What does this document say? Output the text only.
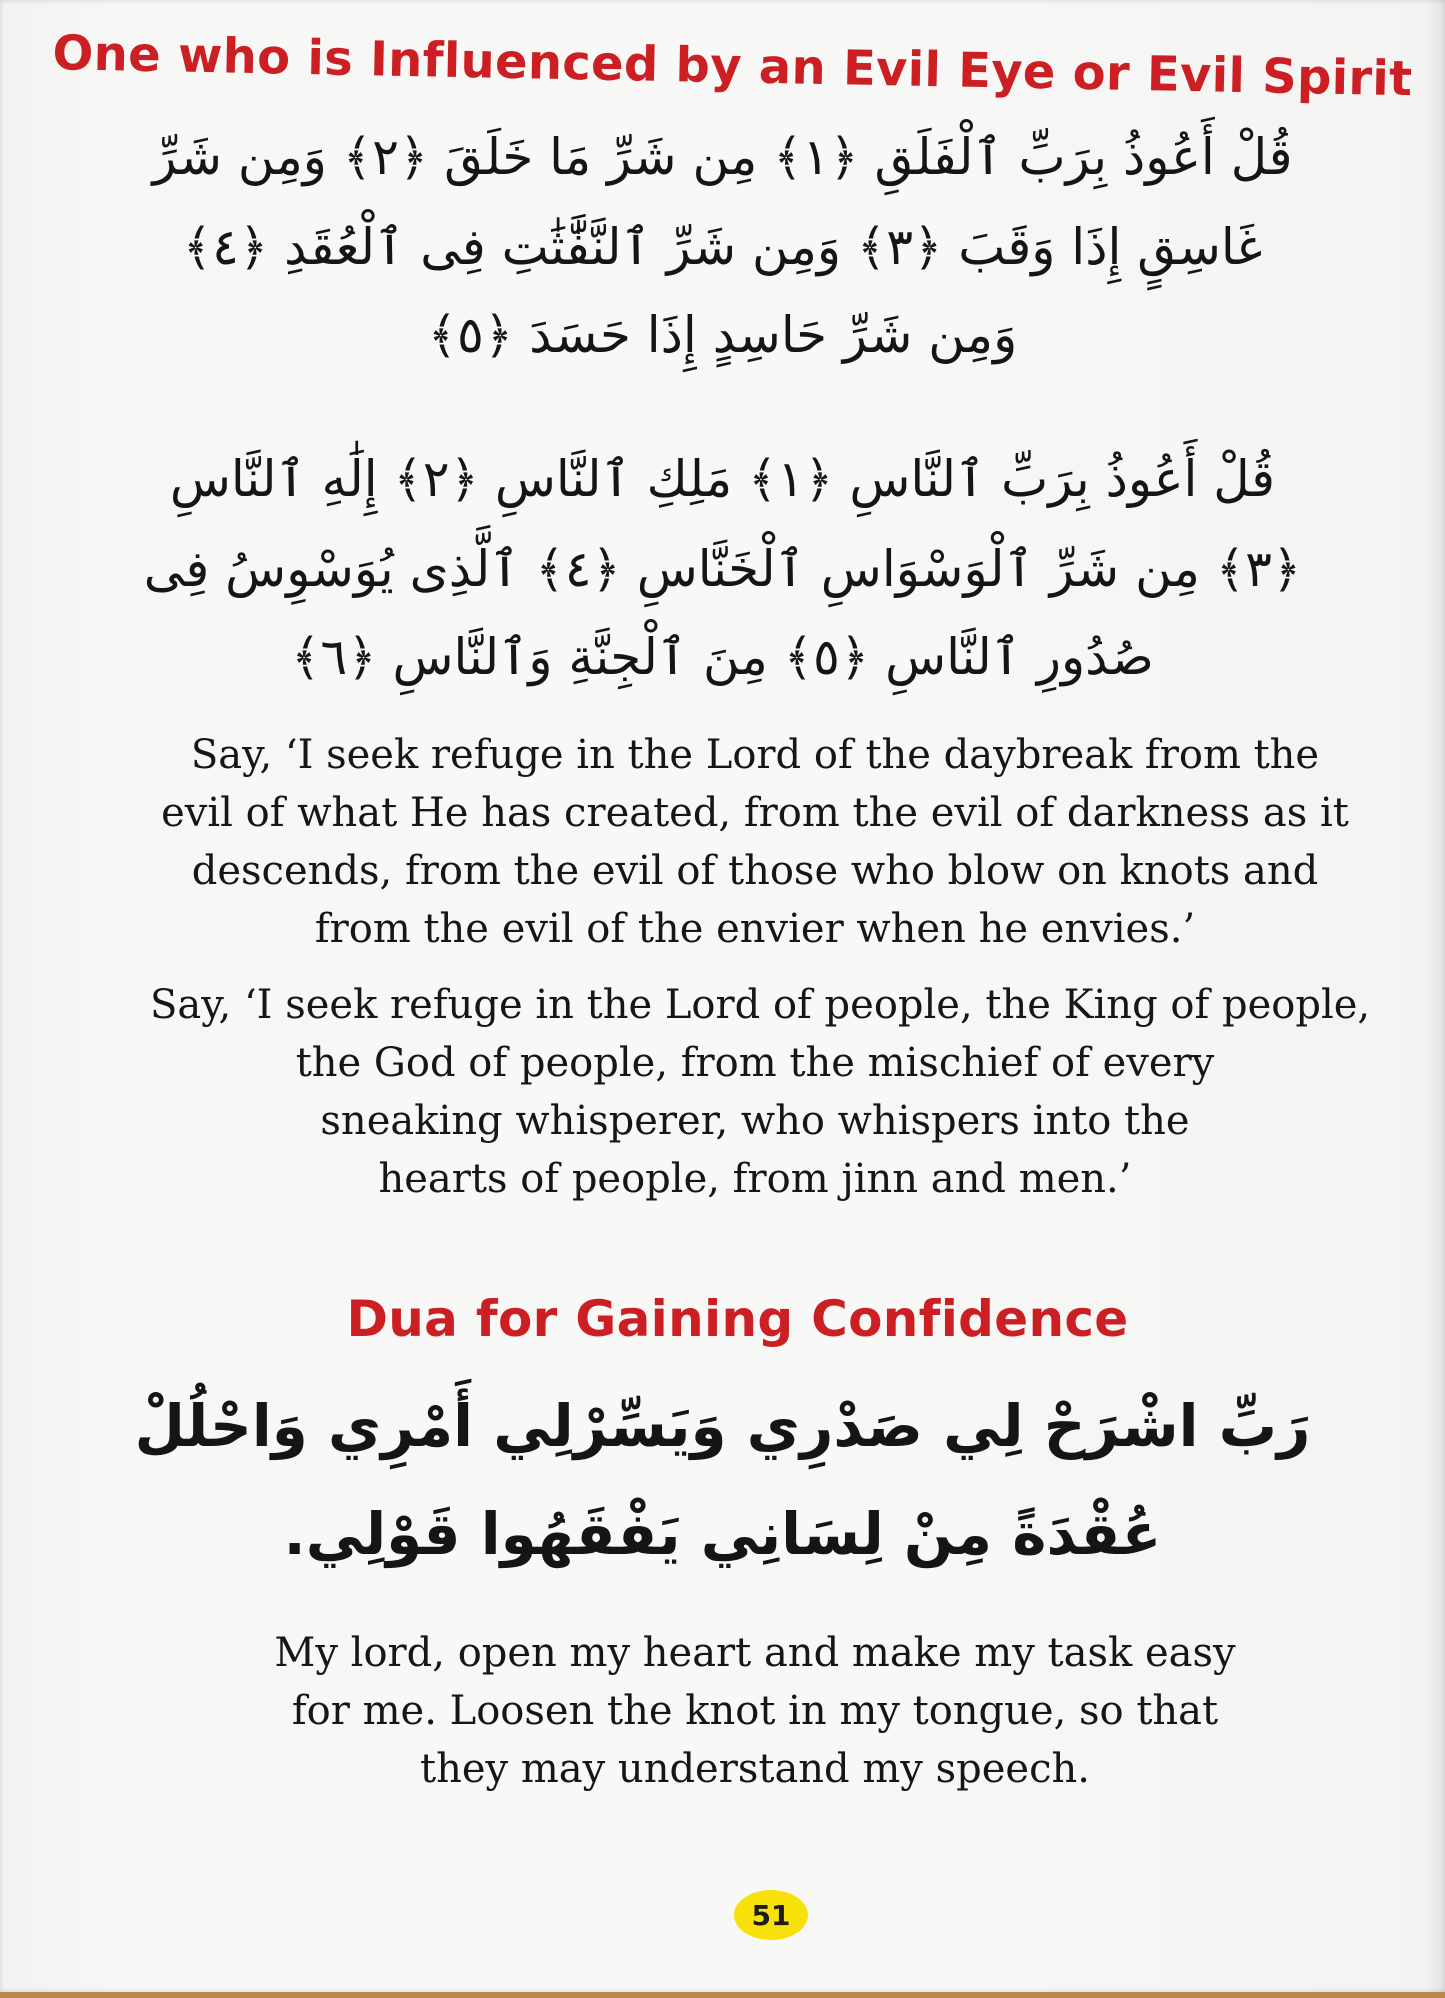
One who is Influenced by an Evil Eye or Evil Spirit
قُلْ أَعُوذُ بِرَبِّ ٱلْفَلَقِ ﴿١﴾ مِن شَرِّ مَا خَلَقَ ﴿٢﴾ وَمِن شَرِّ
غَاسِقٍ إِذَا وَقَبَ ﴿٣﴾ وَمِن شَرِّ ٱلنَّفَّٰثَٰتِ فِى ٱلْعُقَدِ ﴿٤﴾
وَمِن شَرِّ حَاسِدٍ إِذَا حَسَدَ ﴿٥﴾
قُلْ أَعُوذُ بِرَبِّ ٱلنَّاسِ ﴿١﴾ مَلِكِ ٱلنَّاسِ ﴿٢﴾ إِلَٰهِ ٱلنَّاسِ
﴿٣﴾ مِن شَرِّ ٱلْوَسْوَاسِ ٱلْخَنَّاسِ ﴿٤﴾ ٱلَّذِى يُوَسْوِسُ فِى
صُدُورِ ٱلنَّاسِ ﴿٥﴾ مِنَ ٱلْجِنَّةِ وَٱلنَّاسِ ﴿٦﴾
Say, ‘I seek refuge in the Lord of the daybreak from the
evil of what He has created, from the evil of darkness as it
descends, from the evil of those who blow on knots and
from the evil of the envier when he envies.’
Say, ‘I seek refuge in the Lord of people, the King of people,
the God of people, from the mischief of every
sneaking whisperer, who whispers into the
hearts of people, from jinn and men.’
Dua for Gaining Confidence
رَبِّ اشْرَحْ لِي صَدْرِي وَيَسِّرْلِي أَمْرِي وَاحْلُلْ
عُقْدَةً مِنْ لِسَانِي يَفْقَهُوا قَوْلِي.
My lord, open my heart and make my task easy
for me. Loosen the knot in my tongue, so that
they may understand my speech.
51
